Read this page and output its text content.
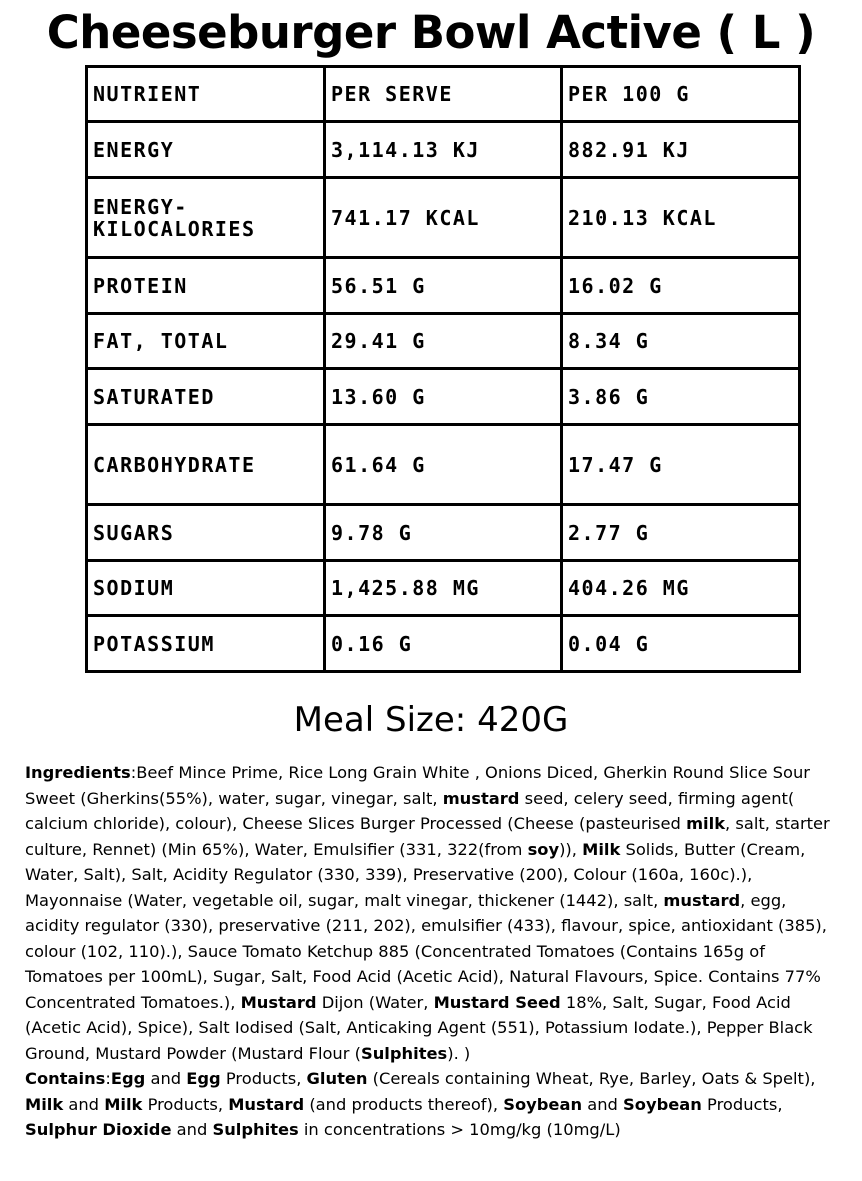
Cheeseburger Bowl Active ( L )
NUTRIENT	PER SERVE	PER 100 G
ENERGY	3,114.13 KJ	882.91 KJ
ENERGY-
KILOCALORIES	741.17 KCAL	210.13 KCAL
PROTEIN	56.51 G	16.02 G
FAT, TOTAL	29.41 G	8.34 G
SATURATED	13.60 G	3.86 G
CARBOHYDRATE	61.64 G	17.47 G
SUGARS	9.78 G	2.77 G
SODIUM	1,425.88 MG	404.26 MG
POTASSIUM	0.16 G	0.04 G
Meal Size: 420G

Ingredients:Beef Mince Prime, Rice Long Grain White , Onions Diced, Gherkin Round Slice Sour Sweet (Gherkins(55%), water, sugar, vinegar, salt, mustard seed, celery seed, firming agent( calcium chloride), colour), Cheese Slices Burger Processed (Cheese (pasteurised milk, salt, starter culture, Rennet) (Min 65%), Water, Emulsifier (331, 322(from soy)), Milk Solids, Butter (Cream, Water, Salt), Salt, Acidity Regulator (330, 339), Preservative (200), Colour (160a, 160c).), Mayonnaise (Water, vegetable oil, sugar, malt vinegar, thickener (1442), salt, mustard, egg, acidity regulator (330), preservative (211, 202), emulsifier (433), flavour, spice, antioxidant (385), colour (102, 110).), Sauce Tomato Ketchup 885 (Concentrated Tomatoes (Contains 165g of Tomatoes per 100mL), Sugar, Salt, Food Acid (Acetic Acid), Natural Flavours, Spice. Contains 77% Concentrated Tomatoes.), Mustard Dijon (Water, Mustard Seed 18%, Salt, Sugar, Food Acid (Acetic Acid), Spice), Salt Iodised (Salt, Anticaking Agent (551), Potassium Iodate.), Pepper Black Ground, Mustard Powder (Mustard Flour (Sulphites). )

Contains:Egg and Egg Products, Gluten (Cereals containing Wheat, Rye, Barley, Oats & Spelt), Milk and Milk Products, Mustard (and products thereof), Soybean and Soybean Products, Sulphur Dioxide and Sulphites in concentrations > 10mg/kg (10mg/L)
